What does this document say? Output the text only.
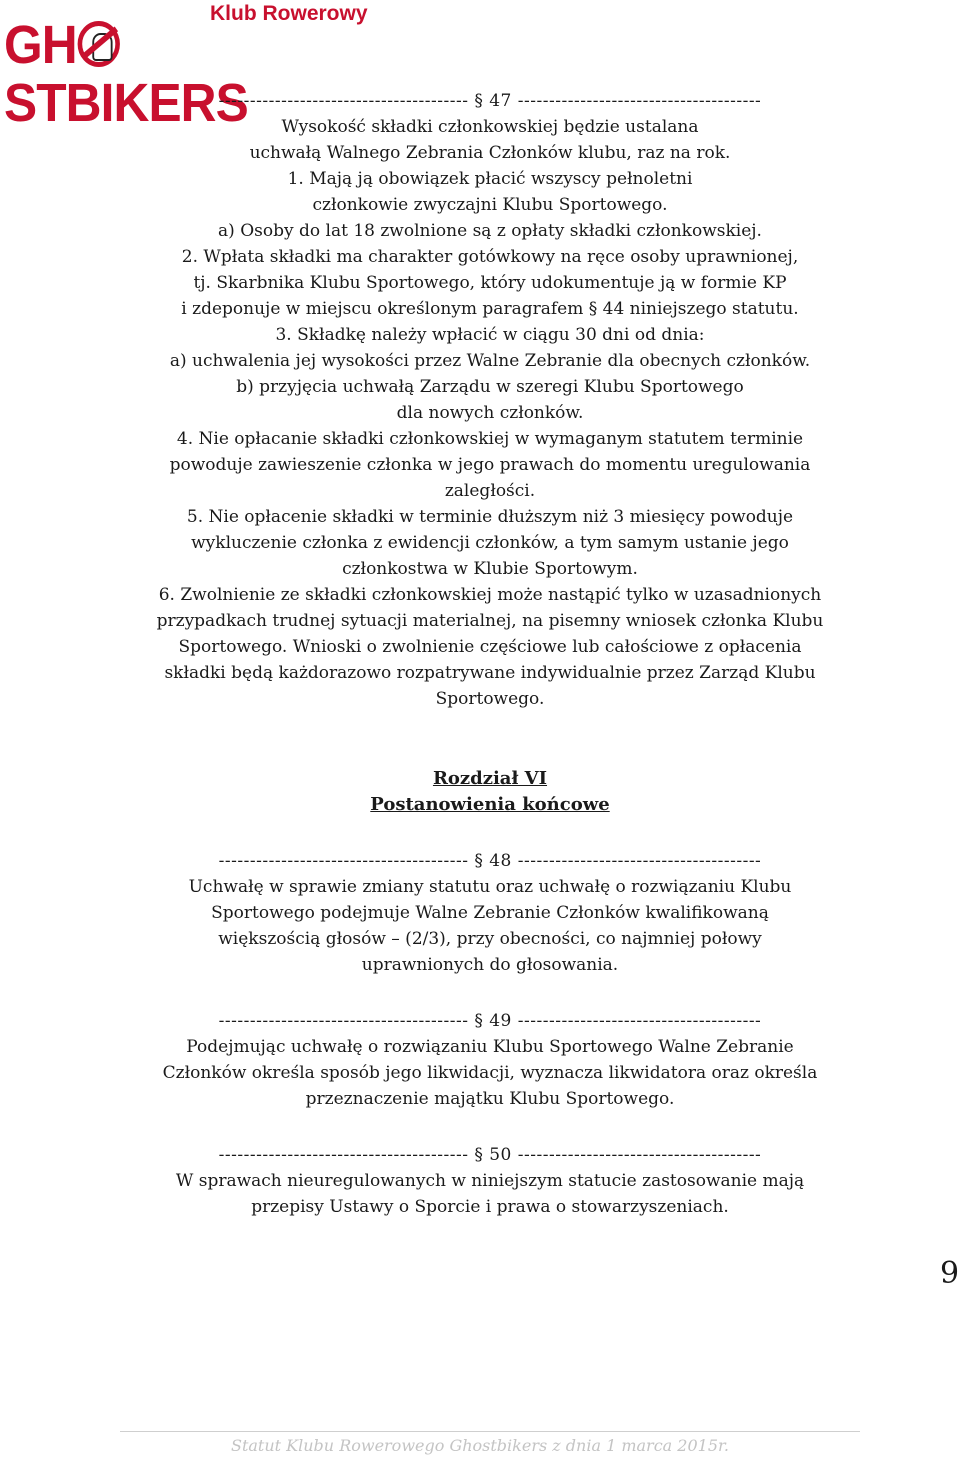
Klub Rowerowy
GH
STBIKERS

---------------------------------------- § 47 ---------------------------------------

Wysokość składki członkowskiej będzie ustalana

uchwałą Walnego Zebrania Członków klubu, raz na rok.

1. Mają ją obowiązek płacić wszyscy pełnoletni

członkowie zwyczajni Klubu Sportowego.

a) Osoby do lat 18 zwolnione są z opłaty składki członkowskiej.

2. Wpłata składki ma charakter gotówkowy na ręce osoby uprawnionej,

tj. Skarbnika Klubu Sportowego, który udokumentuje ją w formie KP

i zdeponuje w miejscu określonym paragrafem § 44 niniejszego statutu.

3. Składkę należy wpłacić w ciągu 30 dni od dnia:

a) uchwalenia jej wysokości przez Walne Zebranie dla obecnych członków.

b) przyjęcia uchwałą Zarządu w szeregi Klubu Sportowego

dla nowych członków.

4. Nie opłacanie składki członkowskiej w wymaganym statutem terminie

powoduje zawieszenie członka w jego prawach do momentu uregulowania

zaległości.

5. Nie opłacenie składki w terminie dłuższym niż 3 miesięcy powoduje

wykluczenie członka z ewidencji członków, a tym samym ustanie jego

członkostwa w Klubie Sportowym.

6. Zwolnienie ze składki członkowskiej może nastąpić tylko w uzasadnionych

przypadkach trudnej sytuacji materialnej, na pisemny wniosek członka Klubu

Sportowego. Wnioski o zwolnienie częściowe lub całościowe z opłacenia

składki będą każdorazowo rozpatrywane indywidualnie przez Zarząd Klubu

Sportowego.

Rozdział VI

Postanowienia końcowe

---------------------------------------- § 48 ---------------------------------------

Uchwałę w sprawie zmiany statutu oraz uchwałę o rozwiązaniu Klubu

Sportowego podejmuje Walne Zebranie Członków kwalifikowaną

większością głosów – (2/3), przy obecności, co najmniej połowy

uprawnionych do głosowania.

---------------------------------------- § 49 ---------------------------------------

Podejmując uchwałę o rozwiązaniu Klubu Sportowego Walne Zebranie

Członków określa sposób jego likwidacji, wyznacza likwidatora oraz określa

przeznaczenie majątku Klubu Sportowego.

---------------------------------------- § 50 ---------------------------------------

W sprawach nieuregulowanych w niniejszym statucie zastosowanie mają

przepisy Ustawy o Sporcie i prawa o stowarzyszeniach.

9
Statut Klubu Rowerowego Ghostbikers z dnia 1 marca 2015r.
